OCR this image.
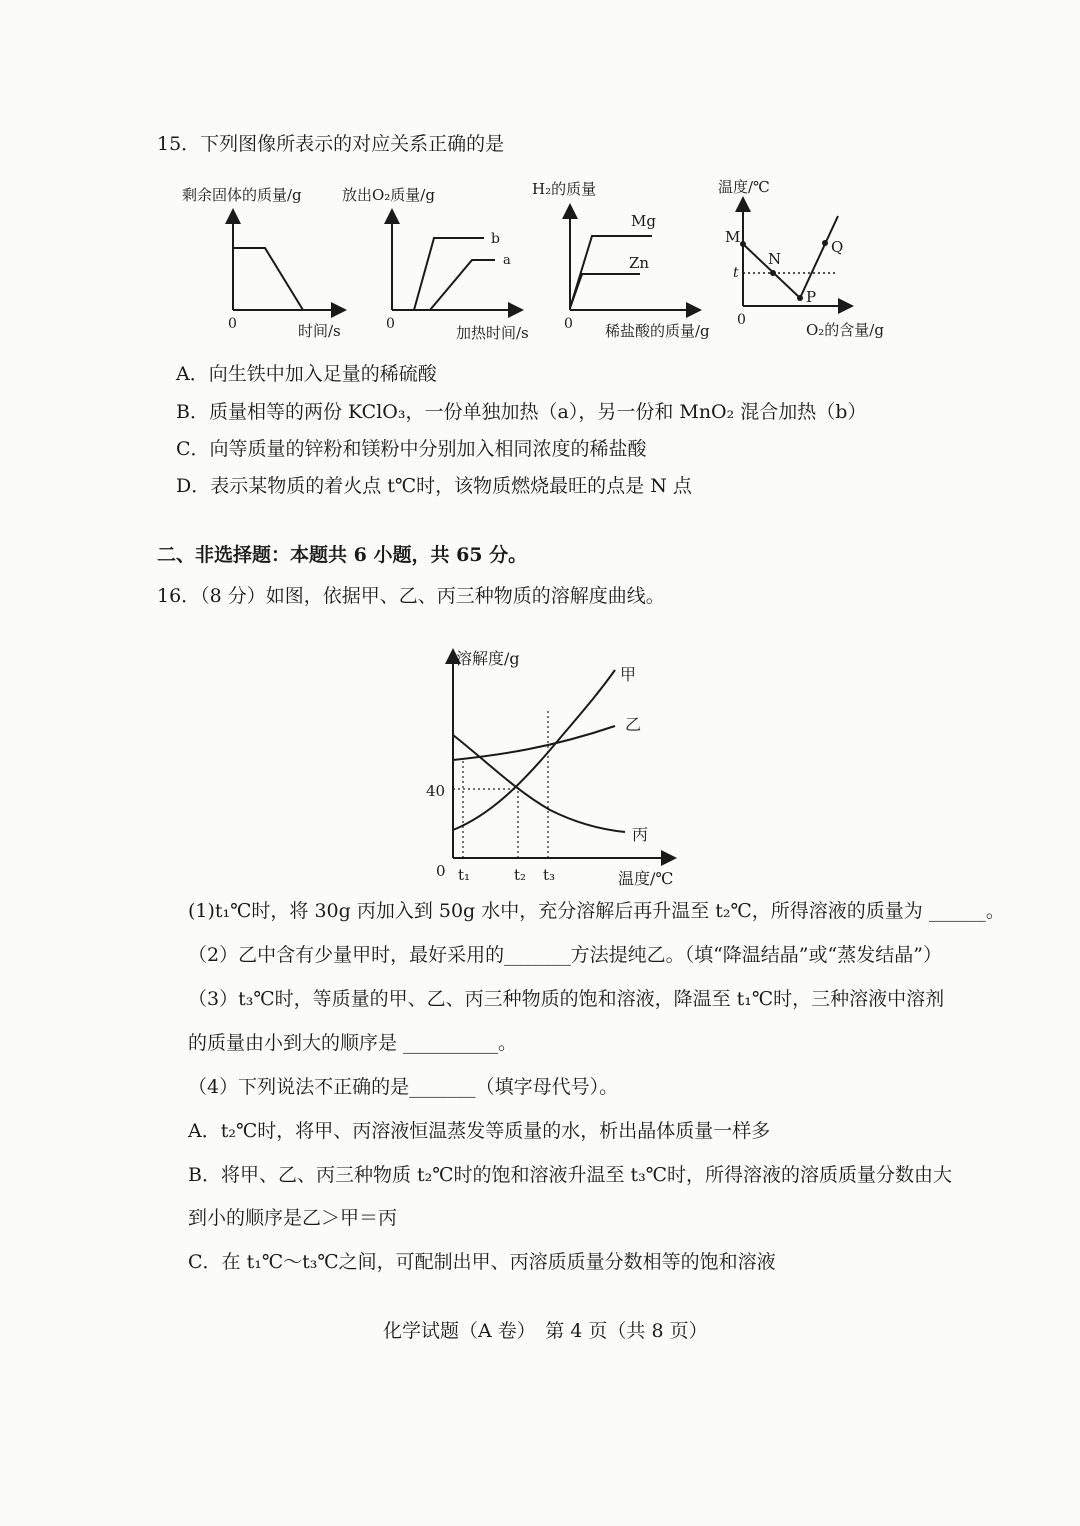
15．下列图像所表示的对应关系正确的是
剩余固体的质量/g
0	时间/s
放出O₂质量/g
b
a
0	加热时间/s
H₂的质量
Mg
Zn
0 稀盐酸的质量/g
温度/℃
M
N
P
Q
t
0
O₂的含量/g
A．向生铁中加入足量的稀硫酸
B．质量相等的两份 KClO₃，一份单独加热（a），另一份和 MnO₂ 混合加热（b）
C．向等质量的锌粉和镁粉中分别加入相同浓度的稀盐酸
D．表示某物质的着火点 t℃时，该物质燃烧最旺的点是 N 点
二、非选择题：本题共 6 小题，共 65 分。
16．（8 分）如图，依据甲、乙、丙三种物质的溶解度曲线。
溶解度/g
温度/℃
0
40
t₁	t₂ t₃
甲
乙
丙
(1)t₁℃时，将 30g 丙加入到 50g 水中，充分溶解后再升温至 t₂℃，所得溶液的质量为 ______。
（2）乙中含有少量甲时，最好采用的_______方法提纯乙。（填“降温结晶”或“蒸发结晶”）
（3）t₃℃时，等质量的甲、乙、丙三种物质的饱和溶液，降温至 t₁℃时，三种溶液中溶剂
的质量由小到大的顺序是 __________。
（4）下列说法不正确的是_______（填字母代号）。
A．t₂℃时，将甲、丙溶液恒温蒸发等质量的水，析出晶体质量一样多
B．将甲、乙、丙三种物质 t₂℃时的饱和溶液升温至 t₃℃时，所得溶液的溶质质量分数由大
到小的顺序是乙＞甲＝丙
C．在 t₁℃～t₃℃之间，可配制出甲、丙溶质质量分数相等的饱和溶液
化学试题（A 卷）　第 4 页（共 8 页）
